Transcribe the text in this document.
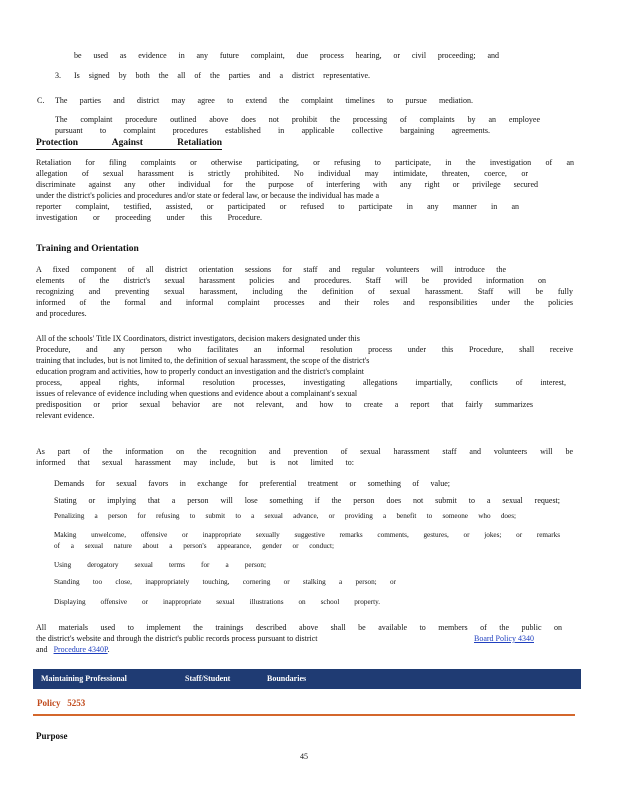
be used as evidence in any future complaint, due process hearing, or civil proceeding; and
3. Is signed by both the all of the parties and a district representative.
C. The parties and district may agree to extend the complaint timelines to pursue mediation.
The complaint procedure outlined above does not prohibit the processing of complaints by an employee
pursuant to complaint procedures established in applicable collective bargaining agreements.
Protection Against Retaliation
Retaliation for filing complaints or otherwise participating, or refusing to participate, in the investigation of an
allegation of sexual harassment is strictly prohibited. No individual may intimidate, threaten, coerce, or
discriminate against any other individual for the purpose of interfering with any right or privilege secured
under the district's policies and procedures and/or state or federal law, or because the individual has made a
reporter complaint, testified, assisted, or participated or refused to participate in any manner in an
investigation or proceeding under this Procedure.
Training and Orientation
A fixed component of all district orientation sessions for staff and regular volunteers will introduce the
elements of the district's sexual harassment policies and procedures. Staff will be provided information on
recognizing and preventing sexual harassment, including the definition of sexual harassment. Staff will be fully
informed of the formal and informal complaint processes and their roles and responsibilities under the policies
and procedures.
All of the schools' Title IX Coordinators, district investigators, decision makers designated under this
Procedure, and any person who facilitates an informal resolution process under this Procedure, shall receive
training that includes, but is not limited to, the definition of sexual harassment, the scope of the district's
education program and activities, how to properly conduct an investigation and the district's complaint
process, appeal rights, informal resolution processes, investigating allegations impartially, conflicts of interest,
issues of relevance of evidence including when questions and evidence about a complainant's sexual
predisposition or prior sexual behavior are not relevant, and how to create a report that fairly summarizes
relevant evidence.
As part of the information on the recognition and prevention of sexual harassment staff and volunteers will be
informed that sexual harassment may include, but is not limited to:
Demands for sexual favors in exchange for preferential treatment or something of value;
Stating or implying that a person will lose something if the person does not submit to a sexual request;
Penalizing a person for refusing to submit to a sexual advance, or providing a benefit to someone who does;
Making unwelcome, offensive or inappropriate sexually suggestive remarks comments, gestures, or jokes; or remarks
of a sexual nature about a person's appearance, gender or conduct;
Using derogatory sexual terms for a person;
Standing too close, inappropriately touching, cornering or stalking a person; or
Displaying offensive or inappropriate sexual illustrations on school property.
All materials used to implement the trainings described above shall be available to members of the public on
the district's website and through the district's public records process pursuant to district	Board Policy 4340
and Procedure 4340P.
Maintaining Professional	Staff/Student	Boundaries
Policy 5253
Purpose
45
